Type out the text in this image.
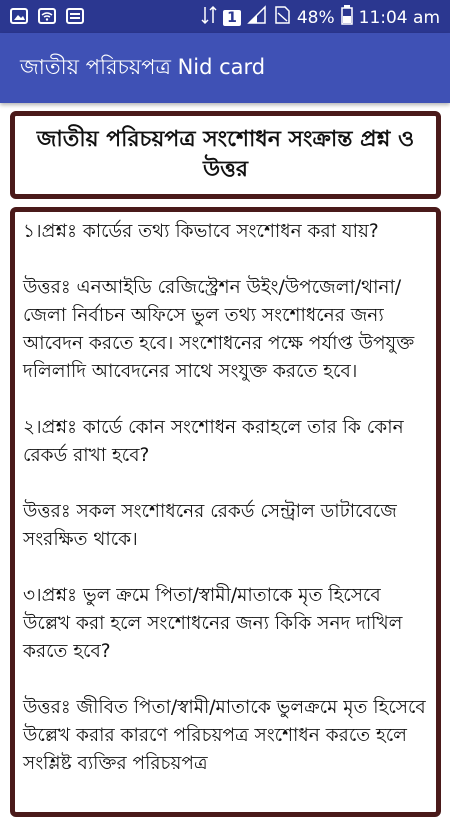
1	48% 11:04 am
জাতীয় পরিচয়পত্র Nid card
জাতীয় পরিচয়পত্র সংশোধন সংক্রান্ত প্রশ্ন ও উত্তর

১।প্রশ্নঃ কার্ডের তথ্য কিভাবে সংশোধন করা যায়?

উত্তরঃ এনআইডি রেজিস্ট্রেশন উইং/উপজেলা/থানা/জেলা নির্বাচন অফিসে ভুল তথ্য সংশোধনের জন্য আবেদন করতে হবে। সংশোধনের পক্ষে পর্যাপ্ত উপযুক্ত দলিলাদি আবেদনের সাথে সংযুক্ত করতে হবে।

২।প্রশ্নঃ কার্ডে কোন সংশোধন করাহলে তার কি কোন রেকর্ড রাখা হবে?

উত্তরঃ সকল সংশোধনের রেকর্ড সেন্ট্রাল ডাটাবেজে সংরক্ষিত থাকে।

৩।প্রশ্নঃ ভুল ক্রমে পিতা/স্বামী/মাতাকে মৃত হিসেবে উল্লেখ করা হলে সংশোধনের জন্য কিকি সনদ দাখিল করতে হবে?

উত্তরঃ জীবিত পিতা/স্বামী/মাতাকে ভুলক্রমে মৃত হিসেবে উল্লেখ করার কারণে পরিচয়পত্র সংশোধন করতে হলে সংশ্লিষ্ট ব্যক্তির পরিচয়পত্র
